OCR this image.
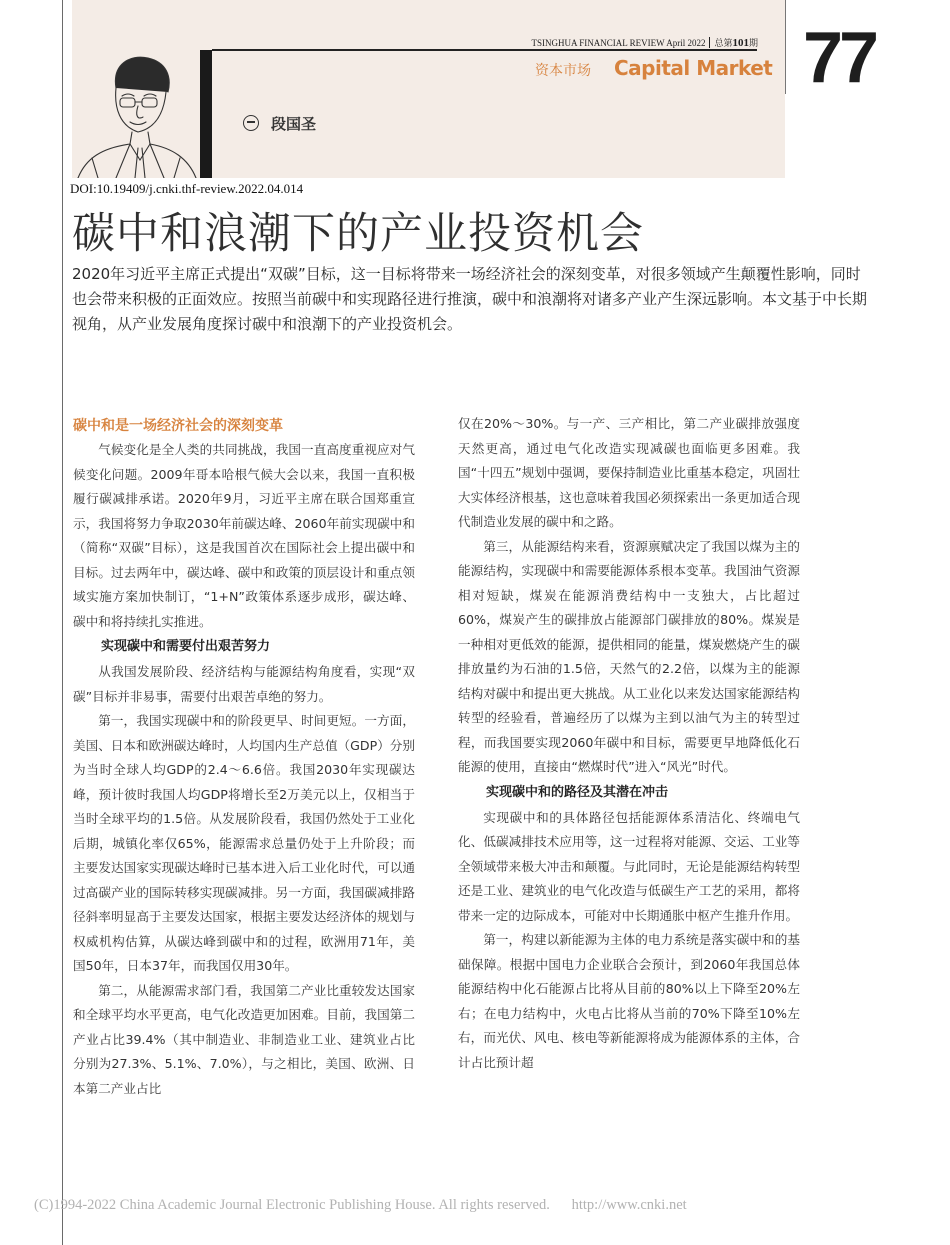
TSINGHUA FINANCIAL REVIEW April 2022 总第101期
资本市场 Capital Market 77
段国圣
DOI:10.19409/j.cnki.thf-review.2022.04.014
碳中和浪潮下的产业投资机会

2020年习近平主席正式提出“双碳”目标，这一目标将带来一场经济社会的深刻变革，对很多领域产生颠覆性影响，同时也会带来积极的正面效应。按照当前碳中和实现路径进行推演，碳中和浪潮将对诸多产业产生深远影响。本文基于中长期视角，从产业发展角度探讨碳中和浪潮下的产业投资机会。

碳中和是一场经济社会的深刻变革

气候变化是全人类的共同挑战，我国一直高度重视应对气候变化问题。2009年哥本哈根气候大会以来，我国一直积极履行碳减排承诺。2020年9月，习近平主席在联合国郑重宣示，我国将努力争取2030年前碳达峰、2060年前实现碳中和（简称“双碳”目标），这是我国首次在国际社会上提出碳中和目标。过去两年中，碳达峰、碳中和政策的顶层设计和重点领域实施方案加快制订，“1+N”政策体系逐步成形，碳达峰、碳中和将持续扎实推进。

实现碳中和需要付出艰苦努力

从我国发展阶段、经济结构与能源结构角度看，实现“双碳”目标并非易事，需要付出艰苦卓绝的努力。

第一，我国实现碳中和的阶段更早、时间更短。一方面，美国、日本和欧洲碳达峰时，人均国内生产总值（GDP）分别为当时全球人均GDP的2.4～6.6倍。我国2030年实现碳达峰，预计彼时我国人均GDP将增长至2万美元以上，仅相当于当时全球平均的1.5倍。从发展阶段看，我国仍然处于工业化后期，城镇化率仅65%，能源需求总量仍处于上升阶段；而主要发达国家实现碳达峰时已基本进入后工业化时代，可以通过高碳产业的国际转移实现碳减排。另一方面，我国碳减排路径斜率明显高于主要发达国家，根据主要发达经济体的规划与权威机构估算，从碳达峰到碳中和的过程，欧洲用71年，美国50年，日本37年，而我国仅用30年。

第二，从能源需求部门看，我国第二产业比重较发达国家和全球平均水平更高，电气化改造更加困难。目前，我国第二产业占比39.4%（其中制造业、非制造业工业、建筑业占比分别为27.3%、5.1%、7.0%），与之相比，美国、欧洲、日本第二产业占比

仅在20%～30%。与一产、三产相比，第二产业碳排放强度天然更高，通过电气化改造实现减碳也面临更多困难。我国“十四五”规划中强调，要保持制造业比重基本稳定，巩固壮大实体经济根基，这也意味着我国必须探索出一条更加适合现代制造业发展的碳中和之路。

第三，从能源结构来看，资源禀赋决定了我国以煤为主的能源结构，实现碳中和需要能源体系根本变革。我国油气资源相对短缺，煤炭在能源消费结构中一支独大，占比超过60%，煤炭产生的碳排放占能源部门碳排放的80%。煤炭是一种相对更低效的能源，提供相同的能量，煤炭燃烧产生的碳排放量约为石油的1.5倍，天然气的2.2倍，以煤为主的能源结构对碳中和提出更大挑战。从工业化以来发达国家能源结构转型的经验看，普遍经历了以煤为主到以油气为主的转型过程，而我国要实现2060年碳中和目标，需要更早地降低化石能源的使用，直接由“燃煤时代”进入“风光”时代。

实现碳中和的路径及其潜在冲击

实现碳中和的具体路径包括能源体系清洁化、终端电气化、低碳减排技术应用等，这一过程将对能源、交运、工业等全领域带来极大冲击和颠覆。与此同时，无论是能源结构转型还是工业、建筑业的电气化改造与低碳生产工艺的采用，都将带来一定的边际成本，可能对中长期通胀中枢产生推升作用。

第一，构建以新能源为主体的电力系统是落实碳中和的基础保障。根据中国电力企业联合会预计，到2060年我国总体能源结构中化石能源占比将从目前的80%以上下降至20%左右；在电力结构中，火电占比将从当前的70%下降至10%左右，而光伏、风电、核电等新能源将成为能源体系的主体，合计占比预计超

(C)1994-2022 China Academic Journal Electronic Publishing House. All rights reserved. http://www.cnki.net
